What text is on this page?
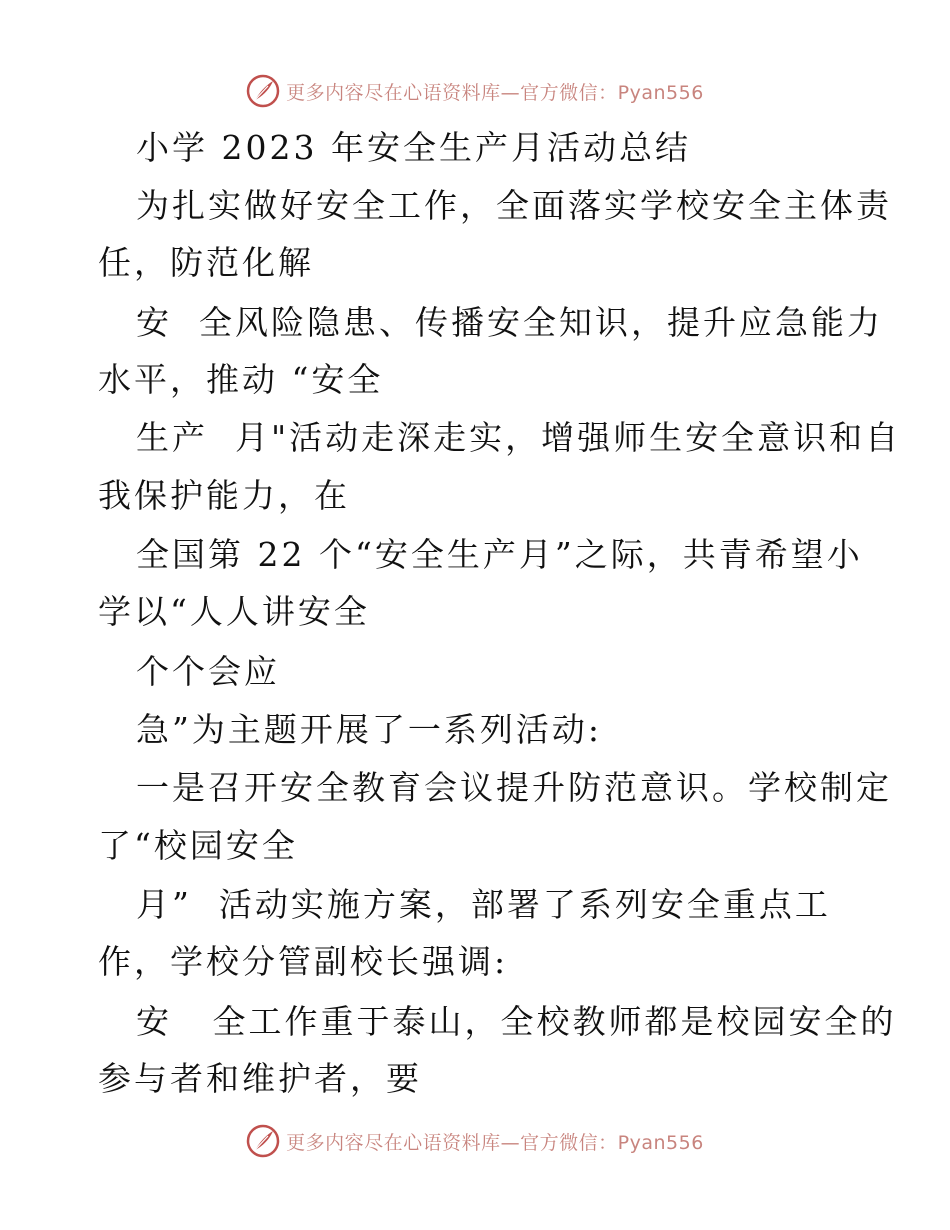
更多内容尽在心语资料库—官方微信：Pyan556
小学 2023 年安全生产月活动总结
为扎实做好安全工作，全面落实学校安全主体责
任，防范化解
安  全风险隐患、传播安全知识，提升应急能力
水平，推动 “安全
生产  月"活动走深走实，增强师生安全意识和自
我保护能力，在
全国第 22 个“安全生产月”之际，共青希望小
学以“人人讲安全
个个会应
急”为主题开展了一系列活动:
一是召开安全教育会议提升防范意识。学校制定
了“校园安全
月”  活动实施方案，部署了系列安全重点工
作，学校分管副校长强调:
安   全工作重于泰山，全校教师都是校园安全的
参与者和维护者，要
更多内容尽在心语资料库—官方微信：Pyan556
